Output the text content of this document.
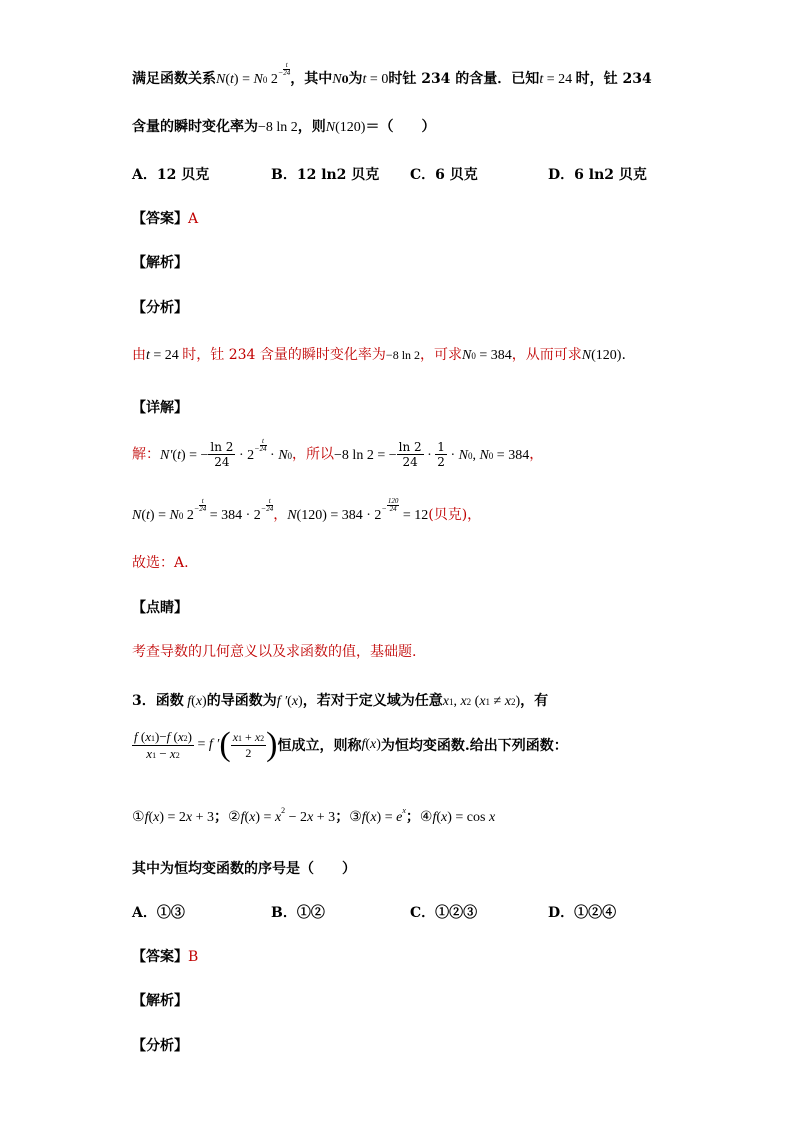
满足函数关系N(t) = N0 $2^{- \frac{t}{24}}$，其中N0为t = 0时钍 234 的含量．已知t = 24 时，钍 234
含量的瞬时变化率为−8 ln 2，则N(120)＝（　　）
A．12 贝克	B．12 ln2 贝克 C．6 贝克	D．6 ln2 贝克
【答案】A
【解析】
【分析】
由t = 24 时，钍 234 含量的瞬时变化率为−8 ln 2，可求N0 = 384，从而可求N(120).
【详解】
解：N′(t) = − $\frac{\ln 2}{24} \cdot 2^{- \frac{t}{24}} \cdot N0$，所以−8 ln 2 = − $\frac{\ln 2}{24} \cdot \frac{1}{2} \cdot N0$, N0 = 384，
N(t) = N0 $2^{- \frac{t}{24}} = 384 \cdot 2^{- \frac{t}{24}}$，$N(120) = 384 \cdot 2^{- \frac{120}{24}} = 12$(贝克)，
故选：A.
【点睛】
考查导数的几何意义以及求函数的值，基础题.
3．函数 f(x)的导函数为f ′(x)，若对于定义域为任意x1, x2 (x1 ≠ x2)，有
$\frac{f (x1)-f (x2)}{x1 - x2} = f$ ′( $\frac{x1 + x2}{2}$ )恒成立，则称f(x)为恒均变函数.给出下列函数：
①f(x) = 2x + 3；②f(x) = $x^2 - 2x + 3$；③f(x) = $e^x$；④f(x) = cos x
其中为恒均变函数的序号是（　　）
A．①③	B．①②	C．①②③	D．①②④
【答案】B
【解析】
【分析】
